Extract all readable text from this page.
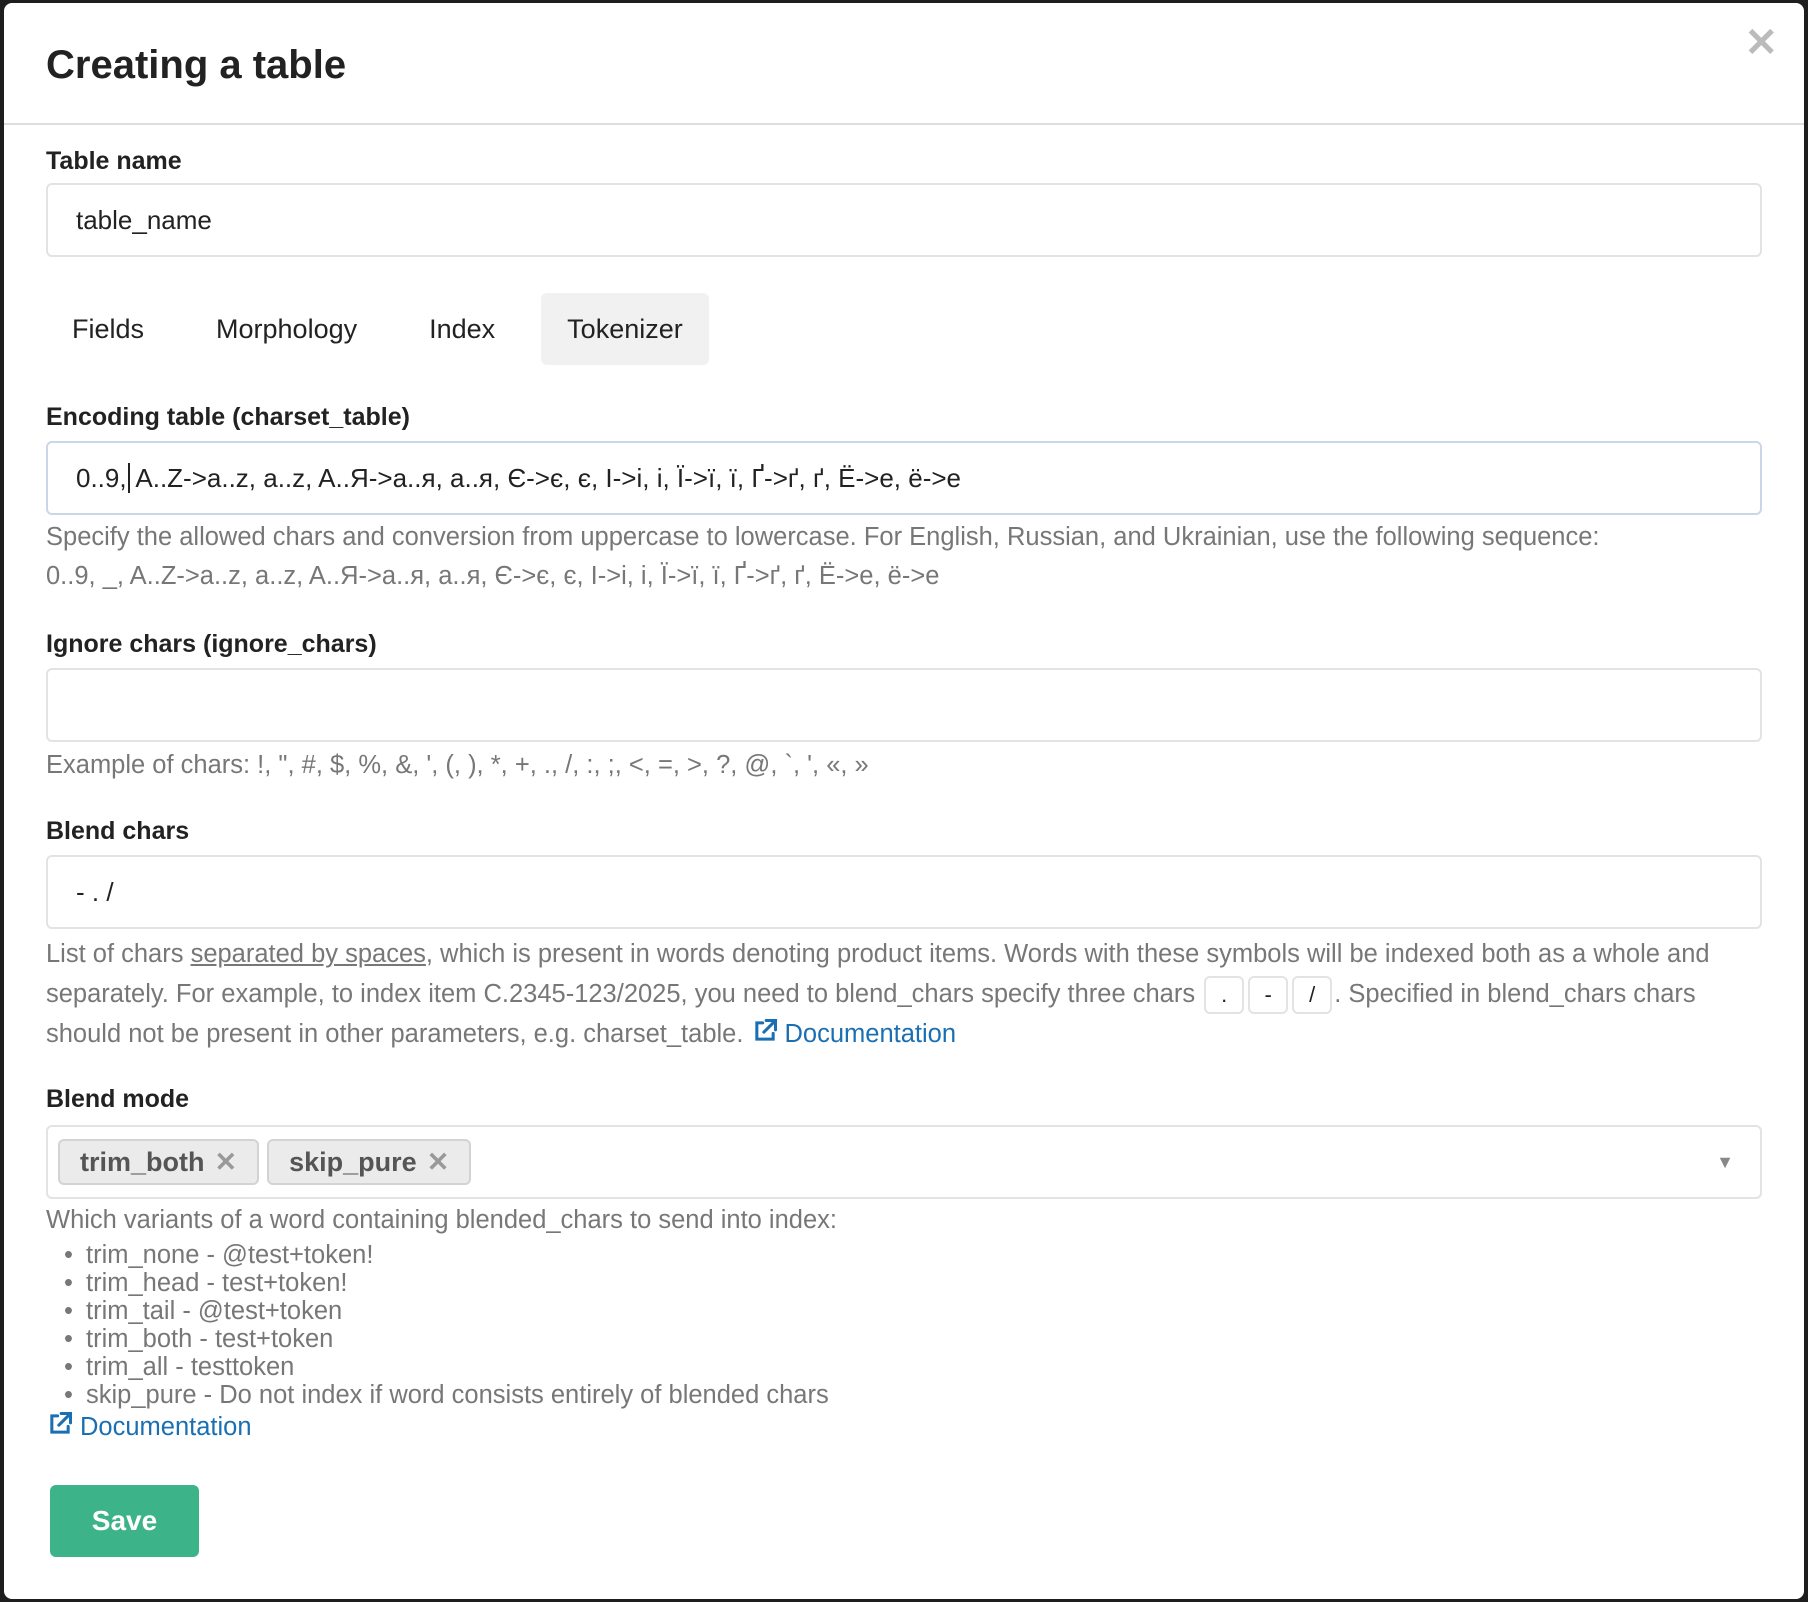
Creating a table	✕
Table name
table_name
Fields	Morphology	Index	Tokenizer
Encoding table (charset_table)
0..9, A..Z->a..z, a..z, A..Я->a..я, a..я, Є->є, є, І->i, і, Ї->ї, ї, Ґ->ґ, ґ, Ё->е, ё->е
Specify the allowed chars and conversion from uppercase to lowercase. For English, Russian, and Ukrainian, use the following sequence:
0..9, _, A..Z->a..z, a..z, A..Я->a..я, a..я, Є->є, є, І->i, і, Ї->ї, ї, Ґ->ґ, ґ, Ё->е, ё->е
Ignore chars (ignore_chars)
Example of chars: !, ", #, $, %, &, ', (, ), *, +, ., /, :, ;, <, =, >, ?, @, `, ', «, »
Blend chars
- . /
List of chars separated by spaces, which is present in words denoting product items. Words with these symbols will be indexed both as a whole and separately. For example, to index item C.2345-123/2025, you need to blend_chars specify three chars . - / . Specified in blend_chars chars should not be present in other parameters, e.g. charset_table. Documentation
Blend mode
trim_both ✕ skip_pure ✕	▼
Which variants of a word containing blended_chars to send into index:
• trim_none - @test+token!
• trim_head - test+token!
• trim_tail - @test+token
• trim_both - test+token
• trim_all - testtoken
• skip_pure - Do not index if word consists entirely of blended chars
Documentation
Save
